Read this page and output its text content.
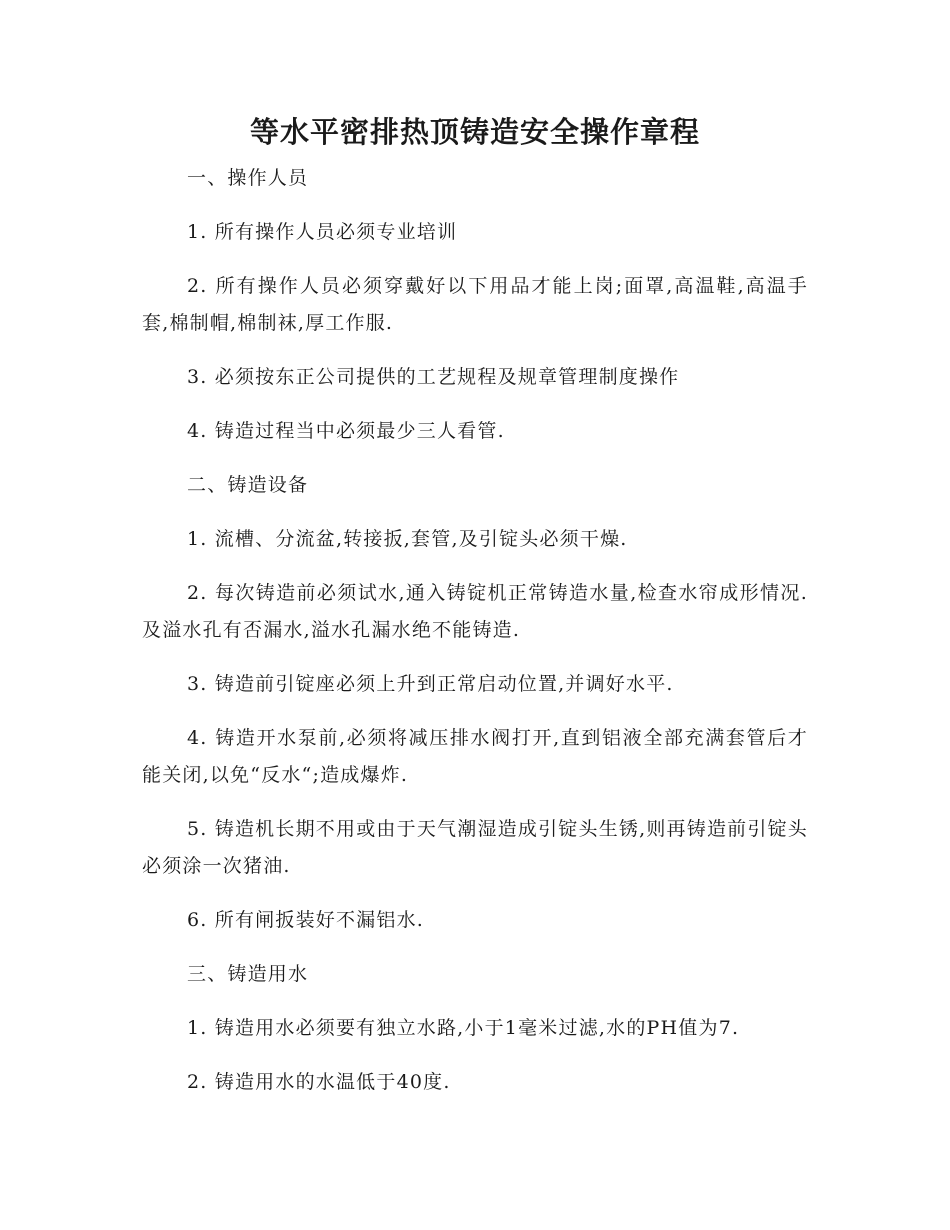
等水平密排热顶铸造安全操作章程

一、操作人员

1. 所有操作人员必须专业培训

2. 所有操作人员必须穿戴好以下用品才能上岗;面罩,高温鞋,高温手套,棉制帽,棉制袜,厚工作服.

3. 必须按东正公司提供的工艺规程及规章管理制度操作

4. 铸造过程当中必须最少三人看管.

二、铸造设备

1. 流槽、分流盆,转接扳,套管,及引锭头必须干燥.

2. 每次铸造前必须试水,通入铸锭机正常铸造水量,检查水帘成形情况.及溢水孔有否漏水,溢水孔漏水绝不能铸造.

3. 铸造前引锭座必须上升到正常启动位置,并调好水平.

4. 铸造开水泵前,必须将减压排水阀打开,直到铝液全部充满套管后才能关闭,以免“反水“;造成爆炸.

5. 铸造机长期不用或由于天气潮湿造成引锭头生锈,则再铸造前引锭头必须涂一次猪油.

6. 所有闸扳装好不漏铝水.

三、铸造用水

1. 铸造用水必须要有独立水路,小于1毫米过滤,水的PH值为7.

2. 铸造用水的水温低于40度.
